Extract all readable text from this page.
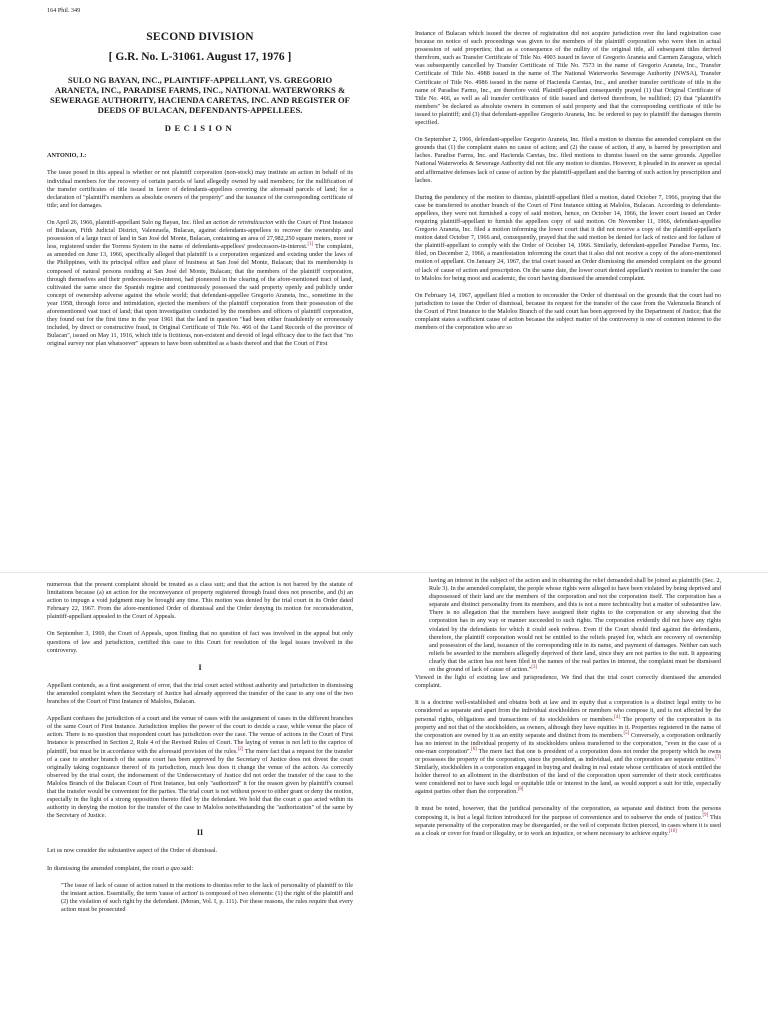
164 Phil. 349
SECOND DIVISION
[ G.R. No. L-31061. August 17, 1976 ]
SULO NG BAYAN, INC., PLAINTIFF-APPELLANT, VS. GREGORIO ARANETA, INC., PARADISE FARMS, INC., NATIONAL WATERWORKS & SEWERAGE AUTHORITY, HACIENDA CARETAS, INC. AND REGISTER OF DEEDS OF BULACAN, DEFENDANTS-APPELLEES.
DECISION
ANTONIO, J.:

The issue posed in this appeal is whether or not plaintiff corporation (non-stock) may institute an action in behalf of its individual members for the recovery of certain parcels of land allegedly owned by said members; for the nullification of the transfer certificates of title issued in favor of defendants-appellees covering the aforesaid parcels of land; for a declaration of "plaintiff's members as absolute owners of the property" and the issuance of the corresponding certificate of title; and for damages.

On April 26, 1966, plaintiff-appellant Sulo ng Bayan, Inc. filed an action de reivindicacion with the Court of First Instance of Bulacan, Fifth Judicial District, Valenzuela, Bulacan, against defendants-appellees to recover the ownership and possession of a large tract of land in San José del Monte, Bulacan, containing an area of 27,982,250 square meters, more or less, registered under the Torrens System in the name of defendants-appellees' predecessors-in-interest.[1] The complaint, as amended on June 13, 1966, specifically alleged that plaintiff is a corporation organized and existing under the laws of the Philippines, with its principal office and place of business at San José del Monte, Bulacan; that its membership is composed of natural persons residing at San José del Monte, Bulacan; that the members of the plaintiff corporation, through themselves and their predecessors-in-interest, had pioneered in the clearing of the afore-mentioned tract of land, cultivated the same since the Spanish regime and continuously possessed the said property openly and publicly under concept of ownership adverse against the whole world; that defendant-appellee Gregorio Araneta, Inc., sometime in the year 1958, through force and intimidation, ejected the members of the plaintiff corporation from their possession of the aforementioned vast tract of land; that upon investigation conducted by the members and officers of plaintiff corporation, they found out for the first time in the year 1961 that the land in question "had been either fraudulently or erroneously included, by direct or constructive fraud, in Original Certificate of Title No. 466 of the Land Records of the province of Bulacan", issued on May 11, 1916, which title is fictitious, non-existent and devoid of legal efficacy due to the fact that "no original survey nor plan whatsoever" appears to have been submitted as a basis thereof and that the Court of First

Instance of Bulacan which issued the decree of registration did not acquire jurisdiction over the land registration case because no notice of such proceedings was given to the members of the plaintiff corporation who were then in actual possession of said properties; that as a consequence of the nullity of the original title, all subsequent titles derived therefrom, such as Transfer Certificate of Title No. 4903 issued in favor of Gregorio Araneta and Carmen Zaragoza, which was subsequently cancelled by Transfer Certificate of Title No. 7573 in the name of Gregorio Araneta, Inc., Transfer Certificate of Title No. 4988 issued in the name of The National Waterworks Sewerage Authority (NWSA), Transfer Certificate of Title No. 4986 issued in the name of Hacienda Caretas, Inc., and another transfer certificate of title in the name of Paradise Farms, Inc., are therefore void. Plaintiff-appellant consequently prayed (1) that Original Certificate of Title No. 466, as well as all transfer certificates of title issued and derived therefrom, be nullified; (2) that "plaintiff's members" be declared as absolute owners in common of said property and that the corresponding certificate of title be issued to plaintiff; and (3) that defendant-appellee Gregorio Araneta, Inc. be ordered to pay to plaintiff the damages therein specified.

On September 2, 1966, defendant-appellee Gregorio Araneta, Inc. filed a motion to dismiss the amended complaint on the grounds that (1) the complaint states no cause of action; and (2) the cause of action, if any, is barred by prescription and laches. Paradise Farms, Inc. and Hacienda Caretas, Inc. filed motions to dismiss based on the same grounds. Appellee National Waterworks & Sewerage Authority did not file any motion to dismiss. However, it pleaded in its answer as special and affirmative defenses lack of cause of action by the plaintiff-appellant and the barring of such action by prescription and laches.

During the pendency of the motion to dismiss, plaintiff-appellant filed a motion, dated October 7, 1966, praying that the case be transferred to another branch of the Court of First Instance sitting at Malolos, Bulacan. According to defendants-appellees, they were not furnished a copy of said motion, hence, on October 14, 1966, the lower court issued an Order requiring plaintiff-appellant to furnish the appellees copy of said motion. On November 11, 1966, defendant-appellee Gregorio Araneta, Inc. filed a motion informing the lower court that it did not receive a copy of the plaintiff-appellant's motion dated October 7, 1966 and, consequently, prayed that the said motion be denied for lack of notice and for failure of the plaintiff-appellant to comply with the Order of October 14, 1966. Similarly, defendant-appellee Paradise Farms, Inc. filed, on December 2, 1966, a manifestation informing the court that it also did not receive a copy of the afore-mentioned motion of appellant. On January 24, 1967, the trial court issued an Order dismissing the amended complaint on the ground of lack of cause of action and prescription. On the same date, the lower court denied appellant's motion to transfer the case to Malolos for being moot and academic, the court having dismissed the amended complaint.

On February 14, 1967, appellant filed a motion to reconsider the Order of dismissal on the grounds that the court had no jurisdiction to issue the Order of dismissal, because its request for the transfer of the case from the Valenzuela Branch of the Court of First Instance to the Malolos Branch of the said court has been approved by the Department of Justice; that the complaint states a sufficient cause of action because the subject matter of the controversy is one of common interest to the members of the corporation who are so

numerous that the present complaint should be treated as a class suit; and that the action is not barred by the statute of limitations because (a) an action for the reconveyance of property registered through fraud does not prescribe, and (b) an action to impugn a void judgment may be brought any time. This motion was denied by the trial court in its Order dated February 22, 1967. From the afore-mentioned Order of dismissal and the Order denying its motion for reconsideration, plaintiff-appellant appealed to the Court of Appeals.

On September 3, 1969, the Court of Appeals, upon finding that no question of fact was involved in the appeal but only questions of law and jurisdiction, certified this case to this Court for resolution of the legal issues involved in the controversy.

I

Appellant contends, as a first assignment of error, that the trial court acted without authority and jurisdiction in dismissing the amended complaint when the Secretary of Justice had already approved the transfer of the case to any one of the two branches of the Court of First Instance of Malolos, Bulacan.

Appellant confuses the jurisdiction of a court and the venue of cases with the assignment of cases in the different branches of the same Court of First Instance. Jurisdiction implies the power of the court to decide a case, while venue the place of action. There is no question that respondent court has jurisdiction over the case. The venue of actions in the Court of First Instance is prescribed in Section 2, Rule 4 of the Revised Rules of Court. The laying of venue is not left to the caprice of plaintiff, but must be in accordance with the aforesaid provision of the rules.[2] The mere fact that a request for the transfer of a case to another branch of the same court has been approved by the Secretary of Justice does not divest the court originally taking cognizance thereof of its jurisdiction, much less does it change the venue of the action. As correctly observed by the trial court, the indorsement of the Undersecretary of Justice did not order the transfer of the case to the Malolos Branch of the Bulacan Court of First Instance, but only "authorized" it for the reason given by plaintiff's counsel that the transfer would be convenient for the parties. The trial court is not without power to either grant or deny the motion, especially in the light of a strong opposition thereto filed by the defendant. We hold that the court a quo acted within its authority in denying the motion for the transfer of the case to Malolos notwithstanding the "authorization" of the same by the Secretary of Justice.

II

Let us now consider the substantive aspect of the Order of dismissal.

In dismissing the amended complaint, the court a quo said:

"The issue of lack of cause of action raised in the motions to dismiss refer to the lack of personality of plaintiff to file the instant action. Essentially, the term 'cause of action' is composed of two elements: (1) the right of the plaintiff and (2) the violation of such right by the defendant. (Moran, Vol. I, p. 111). For these reasons, the rules require that every action must be prosecuted

having an interest in the subject of the action and in obtaining the relief demanded shall be joined as plaintiffs (Sec. 2, Rule 3). In the amended complaint, the people whose rights were alleged to have been violated by being deprived and dispossessed of their land are the members of the corporation and not the corporation itself. The corporation has a separate and distinct personality from its members, and this is not a mere technicality but a matter of substantive law. There is no allegation that the members have assigned their rights to the corporation or any showing that the corporation has in any way or manner succeeded to such rights. The corporation evidently did not have any rights violated by the defendants for which it could seek redress. Even if the Court should find against the defendants, therefore, the plaintiff corporation would not be entitled to the reliefs prayed for, which are recovery of ownership and possession of the land, issuance of the corresponding title in its name, and payment of damages. Neither can such reliefs be awarded to the members allegedly deprived of their land, since they are not parties to the suit. It appearing clearly that the action has not been filed in the names of the real parties in interest, the complaint must be dismissed on the ground of lack of cause of action."[3]

Viewed in the light of existing law and jurisprudence, We find that the trial court correctly dismissed the amended complaint.

It is a doctrine well-established and obtains both at law and in equity that a corporation is a distinct legal entity to be considered as separate and apart from the individual stockholders or members who compose it, and is not affected by the personal rights, obligations and transactions of its stockholders or members.[4] The property of the corporation is its property and not that of the stockholders, as owners, although they have equities in it. Properties registered in the name of the corporation are owned by it as an entity separate and distinct from its members.[5] Conversely, a corporation ordinarily has no interest in the individual property of its stockholders unless transferred to the corporation, "even in the case of a one-man corporation".[6] The mere fact that one is president of a corporation does not render the property which he owns or possesses the property of the corporation, since the president, as individual, and the corporation are separate entities.[7] Similarly, stockholders in a corporation engaged in buying and dealing in real estate whose certificates of stock entitled the holder thereof to an allotment in the distribution of the land of the corporation upon surrender of their stock certificates were considered not to have such legal or equitable title or interest in the land, as would support a suit for title, especially against parties other than the corporation.[8]

It must be noted, however, that the juridical personality of the corporation, as separate and distinct from the persons composing it, is but a legal fiction introduced for the purpose of convenience and to subserve the ends of justice.[9] This separate personality of the corporation may be disregarded, or the veil of corporate fiction pierced, in cases where it is used as a cloak or cover for fraud or illegality, or to work an injustice, or where necessary to achieve equity.[10]
